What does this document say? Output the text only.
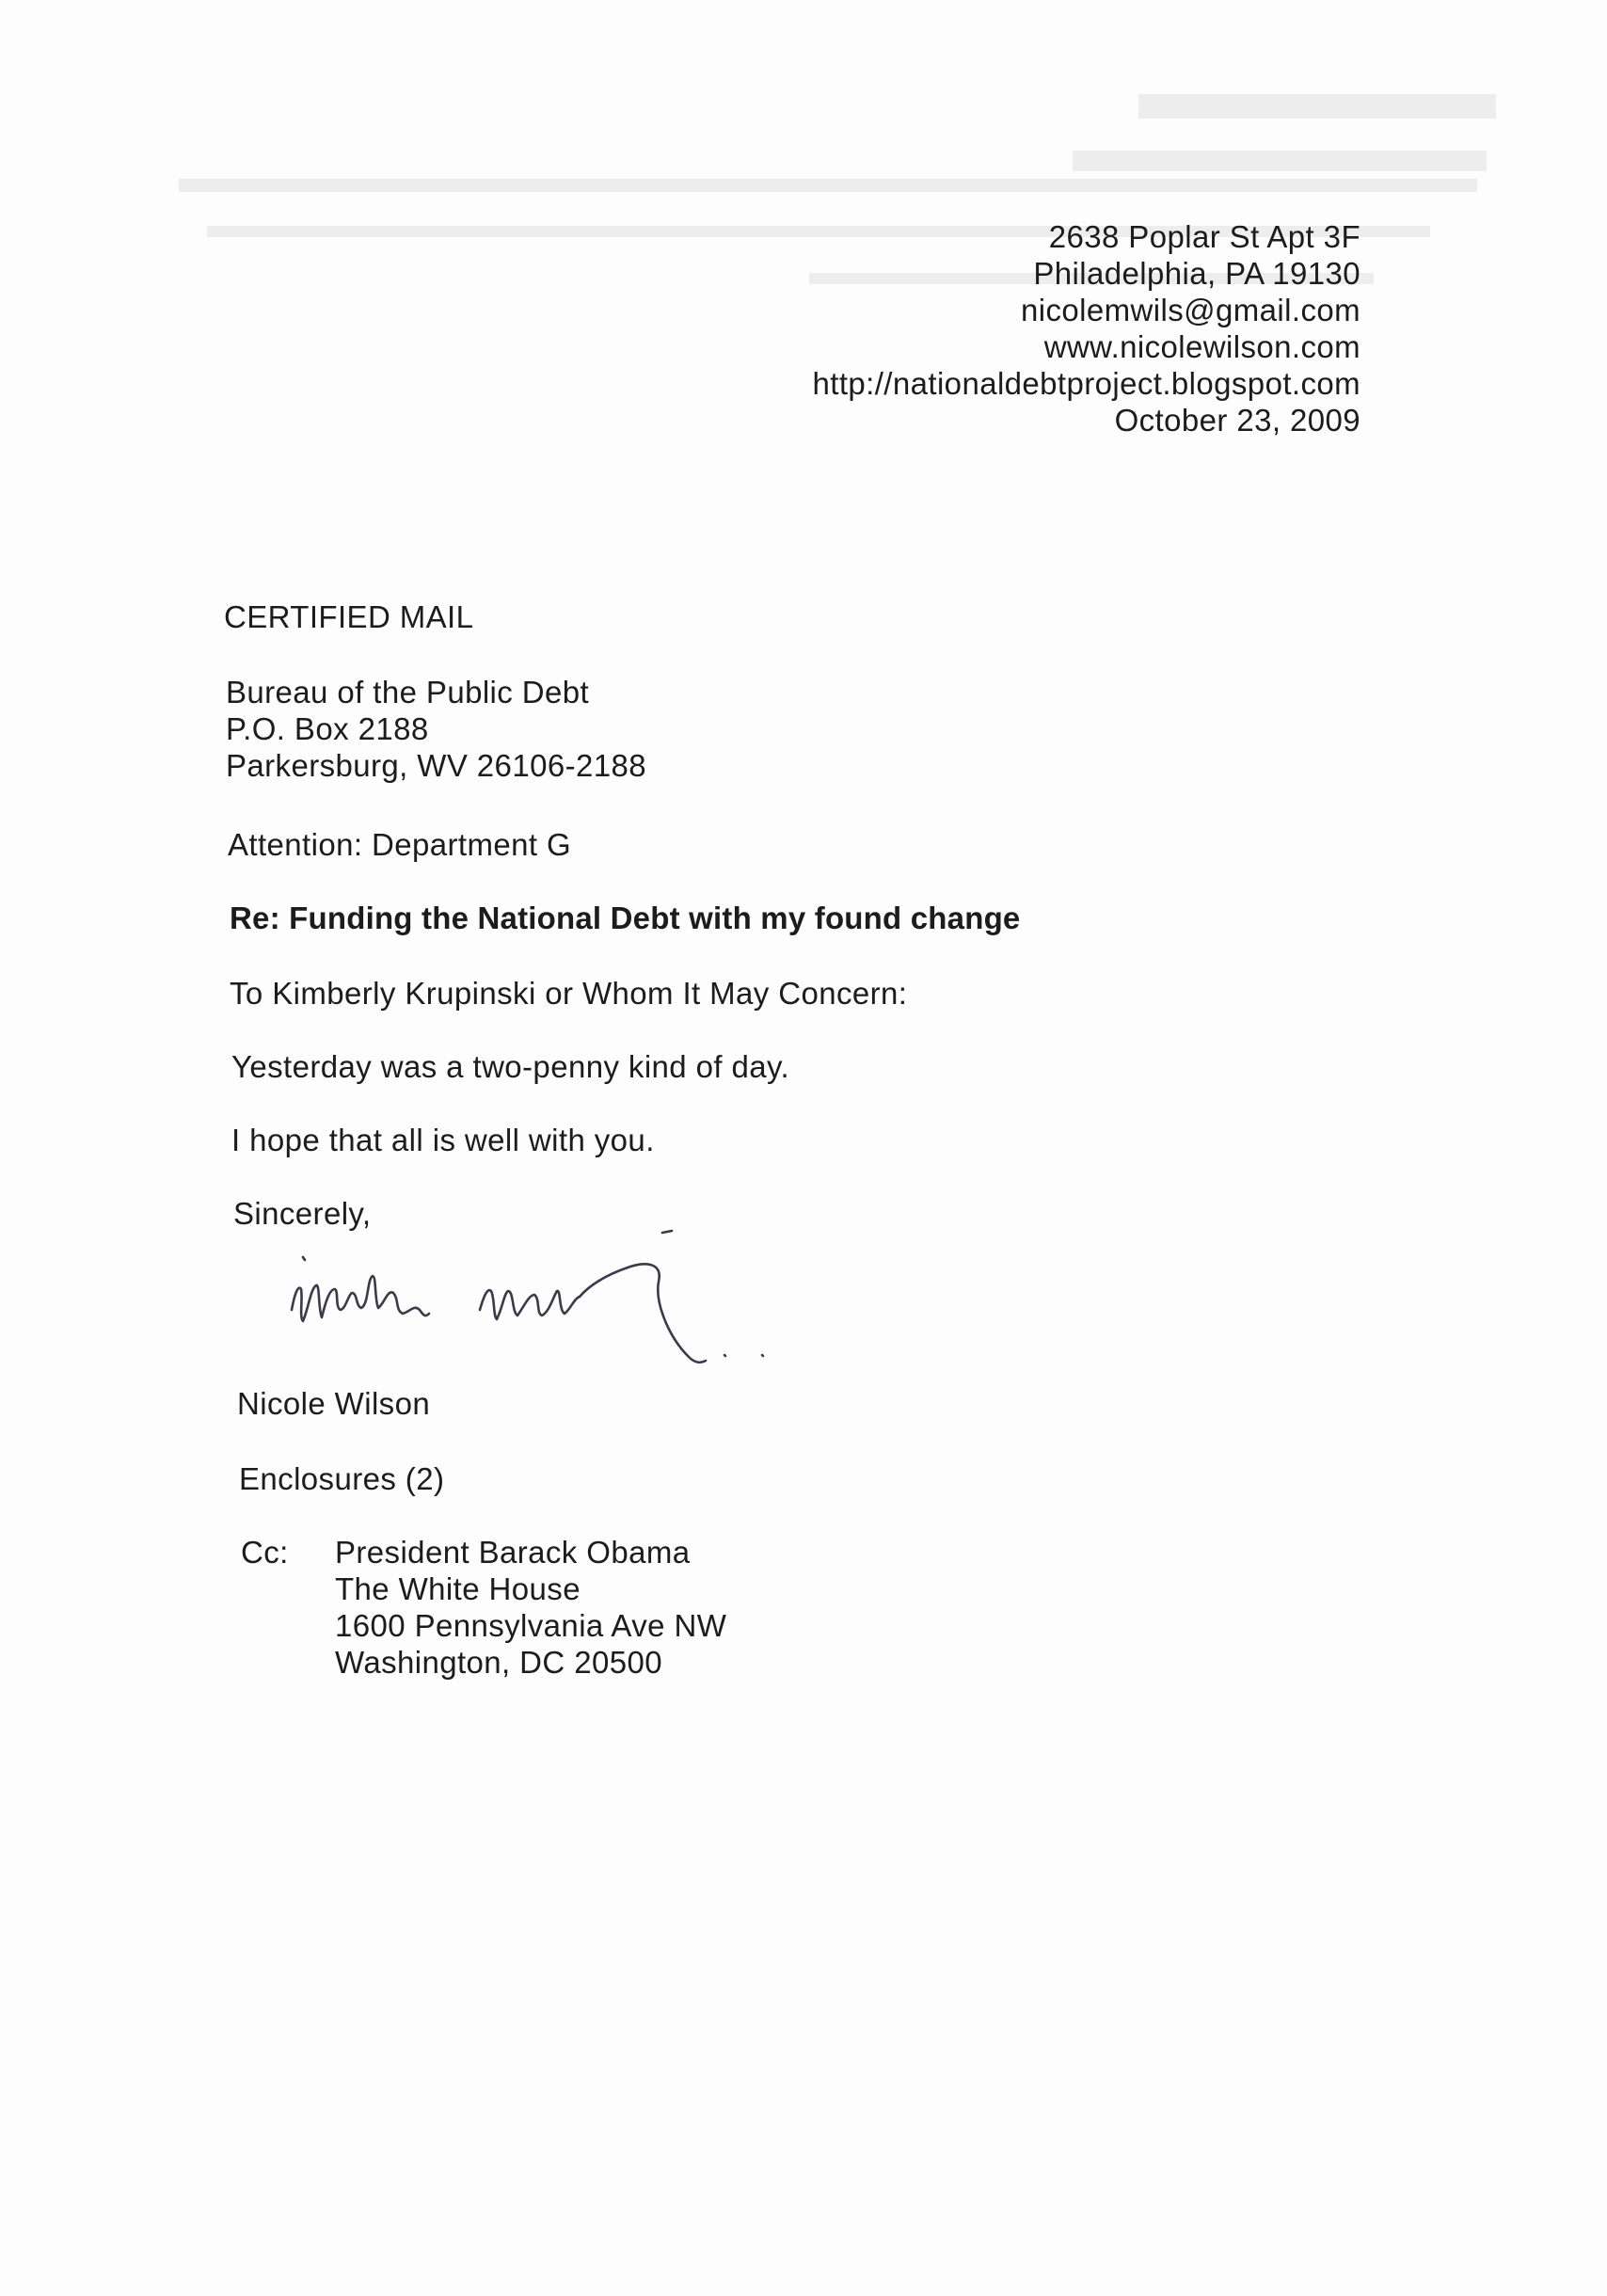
2638 Poplar St Apt 3F
Philadelphia, PA 19130
nicolemwils@gmail.com
www.nicolewilson.com
http://nationaldebtproject.blogspot.com
October 23, 2009
CERTIFIED MAIL
Bureau of the Public Debt
P.O. Box 2188
Parkersburg, WV 26106-2188
Attention: Department G
Re: Funding the National Debt with my found change
To Kimberly Krupinski or Whom It May Concern:
Yesterday was a two-penny kind of day.
I hope that all is well with you.
Sincerely,
Nicole Wilson
Enclosures (2)
Cc: President Barack Obama
The White House
1600 Pennsylvania Ave NW
Washington, DC 20500
